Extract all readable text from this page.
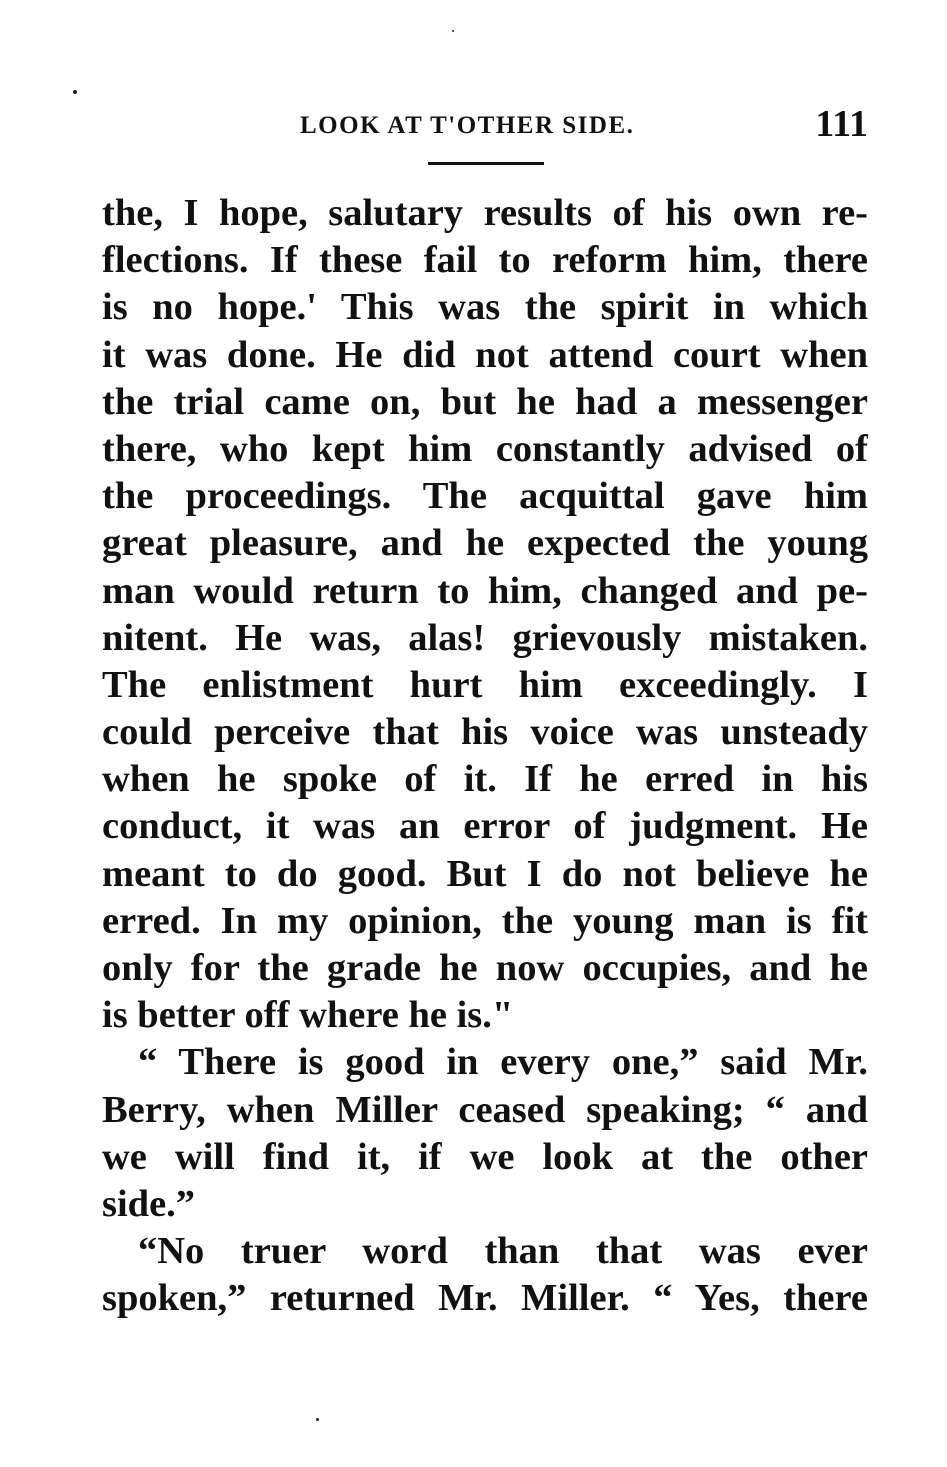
LOOK AT T'OTHER SIDE.	111
the, I hope, salutary results of his own re-
flections. If these fail to reform him, there
is no hope.' This was the spirit in which
it was done. He did not attend court when
the trial came on, but he had a messenger
there, who kept him constantly advised of
the proceedings. The acquittal gave him
great pleasure, and he expected the young
man would return to him, changed and pe-
nitent. He was, alas! grievously mistaken.
The enlistment hurt him exceedingly. I
could perceive that his voice was unsteady
when he spoke of it. If he erred in his
conduct, it was an error of judgment. He
meant to do good. But I do not believe he
erred. In my opinion, the young man is fit
only for the grade he now occupies, and he
is better off where he is."
“ There is good in every one,” said Mr.
Berry, when Miller ceased speaking; “ and
we will find it, if we look at the other
side.”
“No truer word than that was ever
spoken,” returned Mr. Miller. “ Yes, there
